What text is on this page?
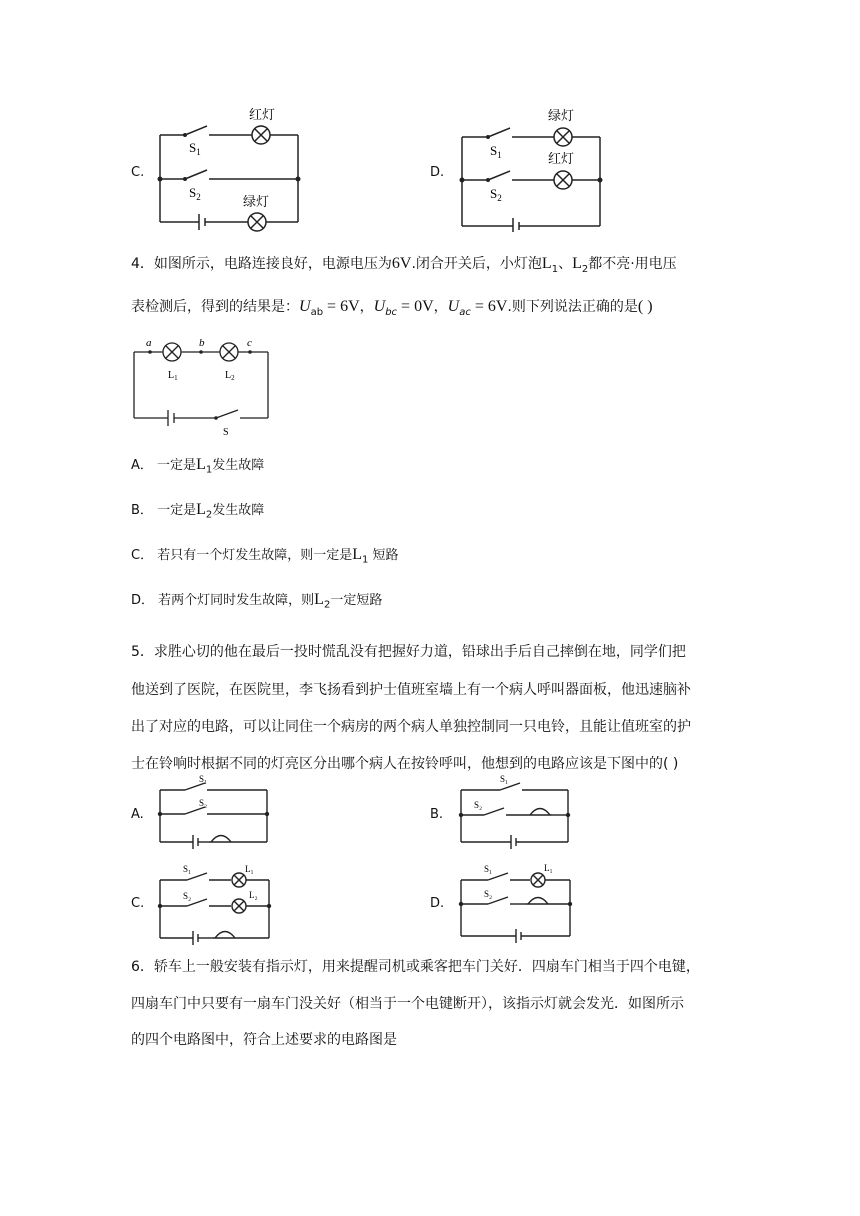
C.
$S_1$
$S_2$
红灯
绿灯
D.
$S_1$
$S_2$
绿灯
红灯
4．如图所示，电路连接良好，电源电压为6V.闭合开关后，小灯泡$L_1$、$L_2$都不亮·用电压
表检测后，得到的结果是：$U_{ab} = 6V$，$U_{bc} = 0V$，$U_{ac} = 6V$.则下列说法正确的是( )
a	b	c
$L_1$	$L_2$
S
A． 一定是$L_1$发生故障
B． 一定是$L_2$发生故障
C． 若只有一个灯发生故障，则一定是$L_1$ 短路
D． 若两个灯同时发生故障，则$L_2$一定短路
5．求胜心切的他在最后一投时慌乱没有把握好力道，铅球出手后自己摔倒在地，同学们把
他送到了医院，在医院里，李飞扬看到护士值班室墙上有一个病人呼叫器面板，他迅速脑补
出了对应的电路，可以让同住一个病房的两个病人单独控制同一只电铃，且能让值班室的护
士在铃响时根据不同的灯亮区分出哪个病人在按铃呼叫，他想到的电路应该是下图中的( )
A.
S₁
S₂
B.
S₁
S₂
C.
S₁
S₂
L₁
L₂
D.
S₁
S₂
L₁
6．轿车上一般安装有指示灯，用来提醒司机或乘客把车门关好．四扇车门相当于四个电键，
四扇车门中只要有一扇车门没关好（相当于一个电键断开），该指示灯就会发光．如图所示
的四个电路图中，符合上述要求的电路图是
